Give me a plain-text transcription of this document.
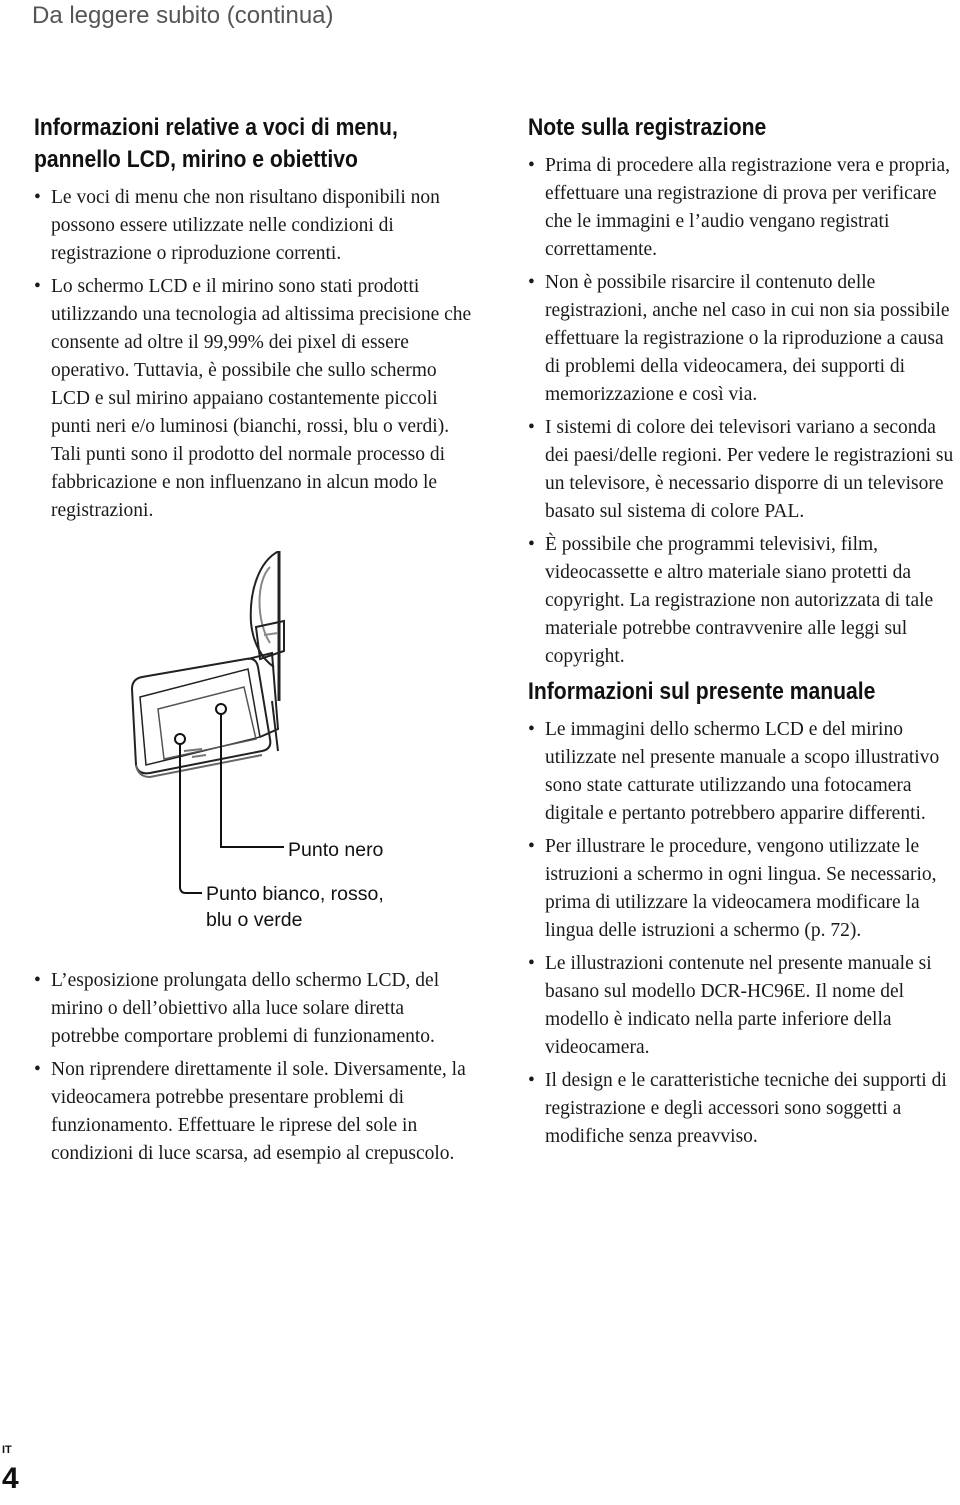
Da leggere subito (continua)
Informazioni relative a voci di menu, pannello LCD, mirino e obiettivo
• Le voci di menu che non risultano disponibili non possono essere utilizzate nelle condizioni di registrazione o riproduzione correnti.
• Lo schermo LCD e il mirino sono stati prodotti utilizzando una tecnologia ad altissima precisione che consente ad oltre il 99,99% dei pixel di essere operativo. Tuttavia, è possibile che sullo schermo LCD e sul mirino appaiano costantemente piccoli punti neri e/o luminosi (bianchi, rossi, blu o verdi). Tali punti sono il prodotto del normale processo di fabbricazione e non influenzano in alcun modo le registrazioni.
Punto nero
Punto bianco, rosso,
blu o verde
• L’esposizione prolungata dello schermo LCD, del mirino o dell’obiettivo alla luce solare diretta potrebbe comportare problemi di funzionamento.
• Non riprendere direttamente il sole. Diversamente, la videocamera potrebbe presentare problemi di funzionamento. Effettuare le riprese del sole in condizioni di luce scarsa, ad esempio al crepuscolo.
Note sulla registrazione
• Prima di procedere alla registrazione vera e propria, effettuare una registrazione di prova per verificare che le immagini e l’audio vengano registrati correttamente.
• Non è possibile risarcire il contenuto delle registrazioni, anche nel caso in cui non sia possibile effettuare la registrazione o la riproduzione a causa di problemi della videocamera, dei supporti di memorizzazione e così via.
• I sistemi di colore dei televisori variano a seconda dei paesi/delle regioni. Per vedere le registrazioni su un televisore, è necessario disporre di un televisore basato sul sistema di colore PAL.
• È possibile che programmi televisivi, film, videocassette e altro materiale siano protetti da copyright. La registrazione non autorizzata di tale materiale potrebbe contravvenire alle leggi sul copyright.
Informazioni sul presente manuale
• Le immagini dello schermo LCD e del mirino utilizzate nel presente manuale a scopo illustrativo sono state catturate utilizzando una fotocamera digitale e pertanto potrebbero apparire differenti.
• Per illustrare le procedure, vengono utilizzate le istruzioni a schermo in ogni lingua. Se necessario, prima di utilizzare la videocamera modificare la lingua delle istruzioni a schermo (p. 72).
• Le illustrazioni contenute nel presente manuale si basano sul modello DCR-HC96E. Il nome del modello è indicato nella parte inferiore della videocamera.
• Il design e le caratteristiche tecniche dei supporti di registrazione e degli accessori sono soggetti a modifiche senza preavviso.
IT
4
